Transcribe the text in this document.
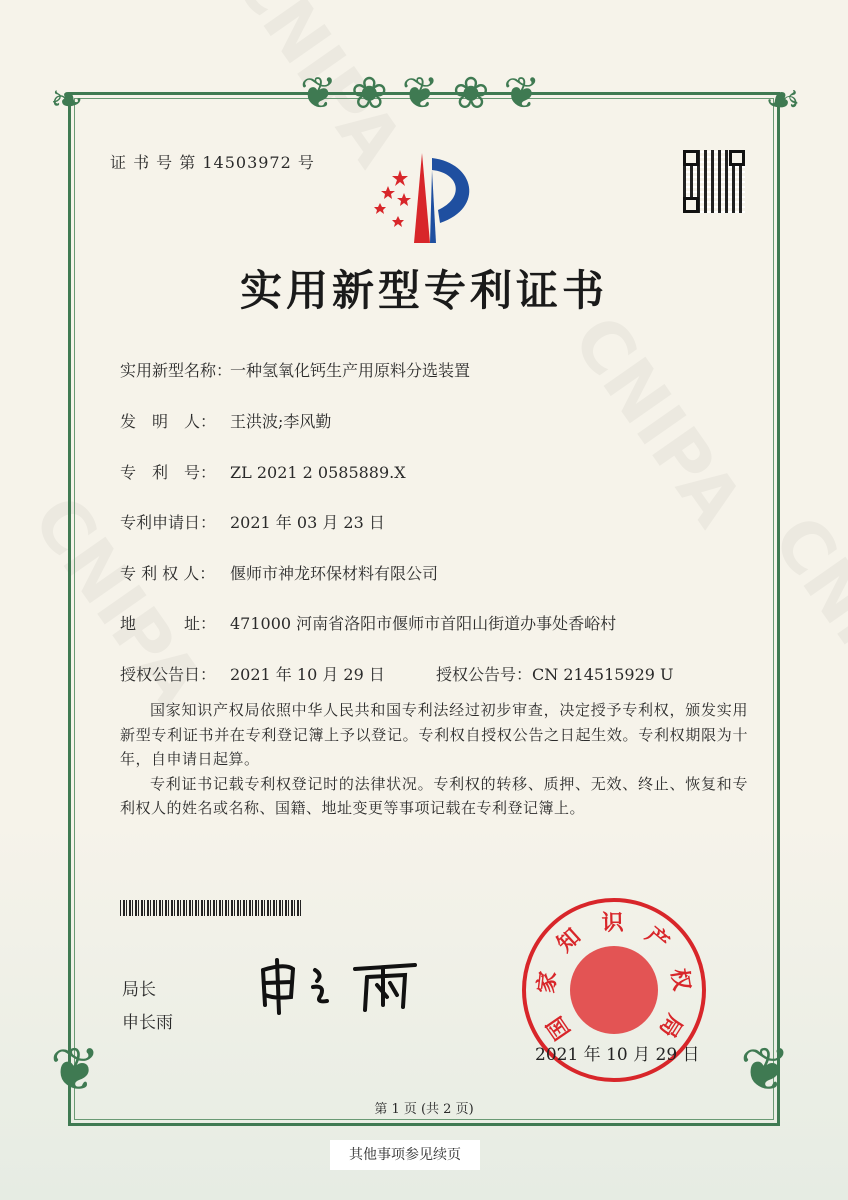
❦ ❀ ❦ ❀ ❦
❧	☙
❦	❦
证 书 号 第 14503972 号
实用新型专利证书
实用新型名称：一种氢氧化钙生产用原料分选装置
发　明　人： 王洪波;李风勤
专　利　号： ZL 2021 2 0585889.X
专利申请日： 2021 年 03 月 23 日
专 利 权 人： 偃师市神龙环保材料有限公司
地　　　址： 471000 河南省洛阳市偃师市首阳山街道办事处香峪村
授权公告日： 2021 年 10 月 29 日	授权公告号：CN 214515929 U

国家知识产权局依照中华人民共和国专利法经过初步审查，决定授予专利权，颁发实用新型专利证书并在专利登记簿上予以登记。专利权自授权公告之日起生效。专利权期限为十年，自申请日起算。

专利证书记载专利权登记时的法律状况。专利权的转移、质押、无效、终止、恢复和专利权人的姓名或名称、国籍、地址变更等事项记载在专利登记簿上。

局长
申长雨	国家知识产权局
2021 年 10 月 29 日
第 1 页 (共 2 页)
其他事项参见续页
